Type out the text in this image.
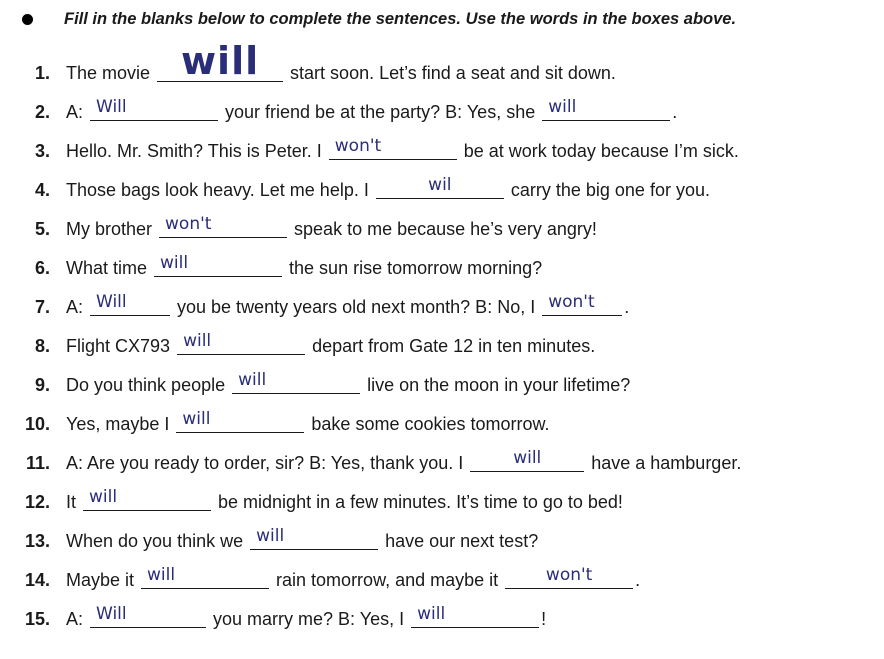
Fill in the blanks below to complete the sentences. Use the words in the boxes above.
1. The movie will	start soon. Let’s find a seat and sit down.
2. A: Will	your friend be at the party? B: Yes, she will	.
3. Hello. Mr. Smith? This is Peter. I won't	be at work today because I’m sick.
4. Those bags look heavy. Let me help. I	wil	carry the big one for you.
5. My brother won't	speak to me because he’s very angry!
6. What time will	the sun rise tomorrow morning?
7. A: Will	you be twenty years old next month? B: No, I won't	.
8. Flight CX793 will	depart from Gate 12 in ten minutes.
9. Do you think people will	live on the moon in your lifetime?
10. Yes, maybe I will	bake some cookies tomorrow.
11. A: Are you ready to order, sir? B: Yes, thank you. I	will	have a hamburger.
12. It will	be midnight in a few minutes. It’s time to go to bed!
13. When do you think we will	have our next test?
14. Maybe it will	rain tomorrow, and maybe it	won't	.
15. A: Will	you marry me? B: Yes, I will	!
